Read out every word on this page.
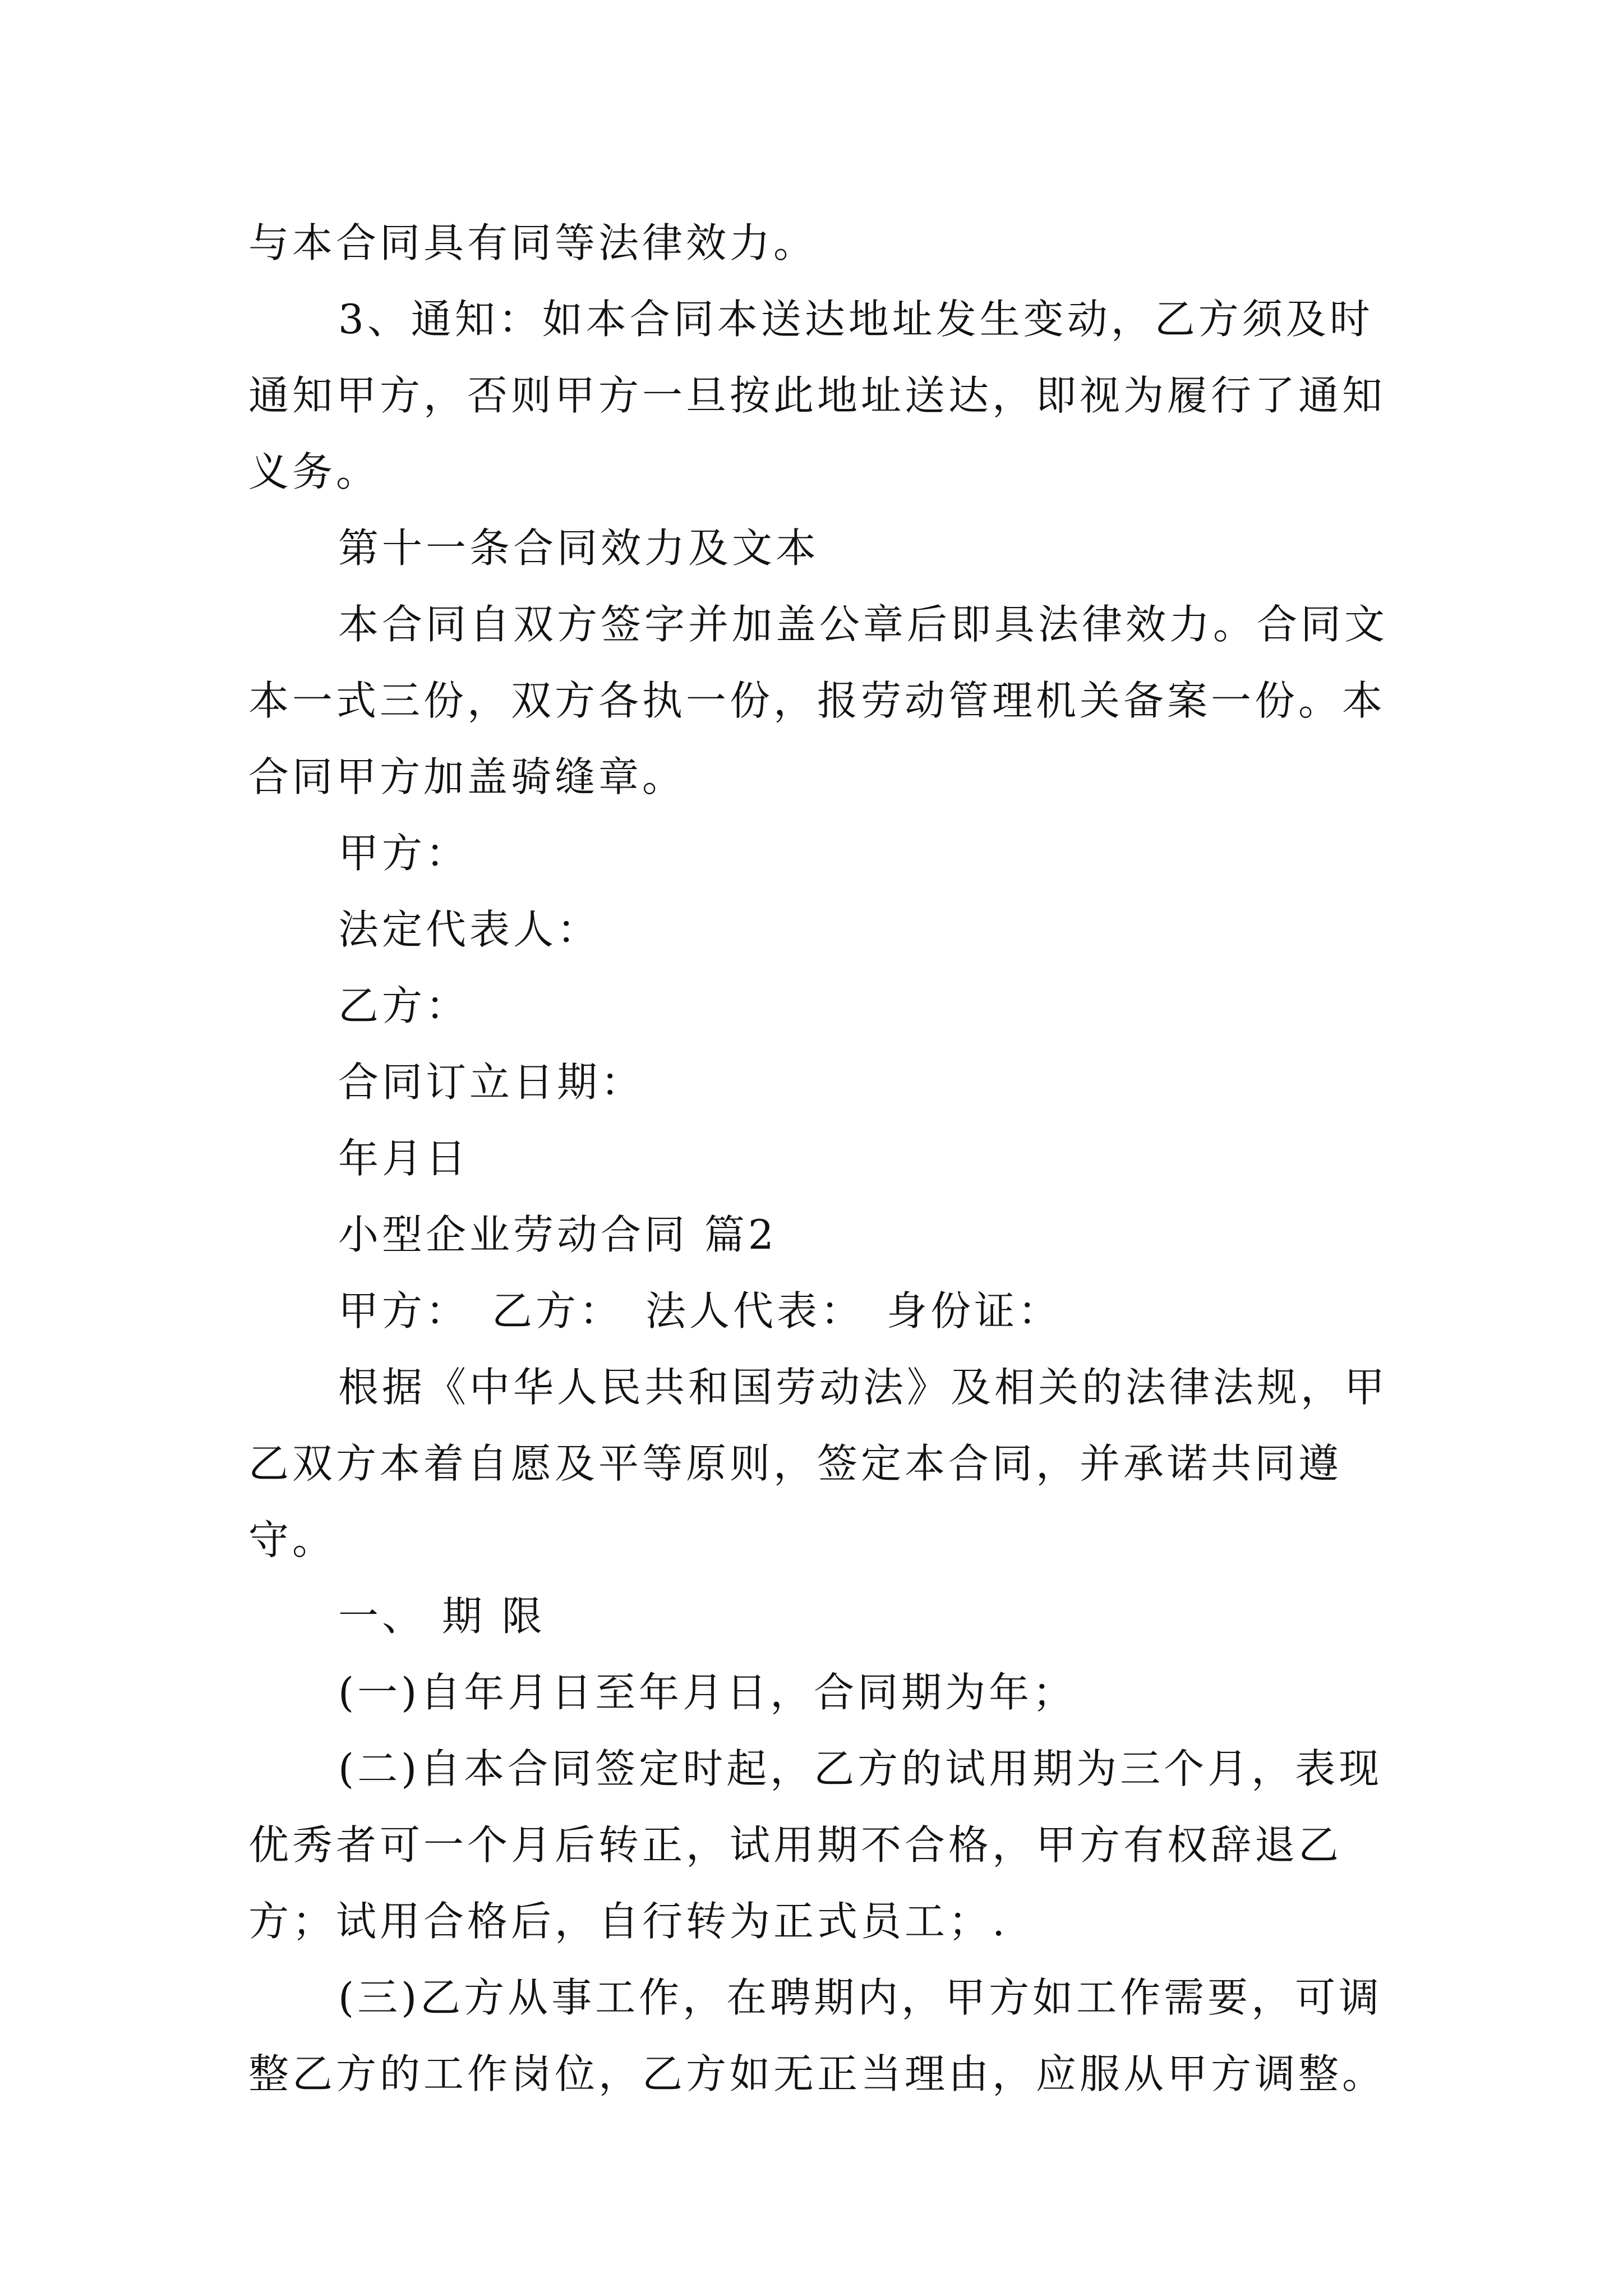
与本合同具有同等法律效力。

3、通知：如本合同本送达地址发生变动，乙方须及时通知甲方，否则甲方一旦按此地址送达，即视为履行了通知义务。

第十一条合同效力及文本

本合同自双方签字并加盖公章后即具法律效力。合同文本一式三份，双方各执一份，报劳动管理机关备案一份。本合同甲方加盖骑缝章。

甲方：

法定代表人：

乙方：

合同订立日期：

年月日

小型企业劳动合同 篇2

甲方： 乙方： 法人代表： 身份证：

根据《中华人民共和国劳动法》及相关的法律法规，甲乙双方本着自愿及平等原则，签定本合同，并承诺共同遵守。

一、 期 限

(一)自年月日至年月日，合同期为年；

(二)自本合同签定时起，乙方的试用期为三个月，表现优秀者可一个月后转正，试用期不合格，甲方有权辞退乙方；试用合格后，自行转为正式员工；.

(三)乙方从事工作，在聘期内，甲方如工作需要，可调整乙方的工作岗位，乙方如无正当理由，应服从甲方调整。
